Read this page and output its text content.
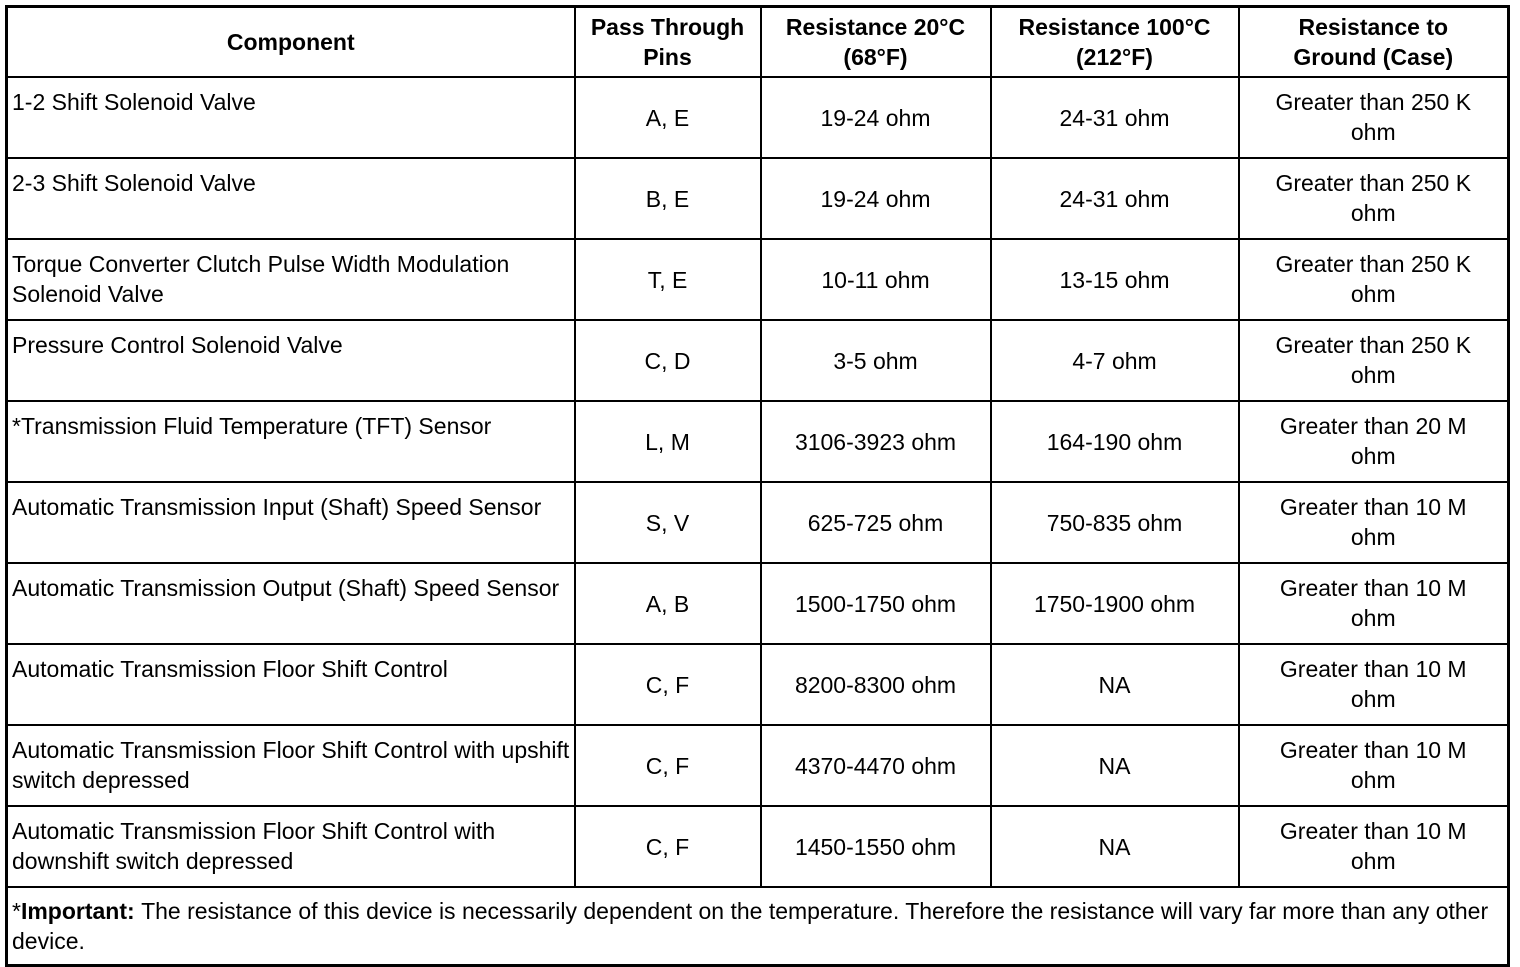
Component	Pass Through Pins	Resistance 20°C (68°F)	Resistance 100°C (212°F)	Resistance to Ground (Case)
1-2 Shift Solenoid Valve	A, E	19-24 ohm	24-31 ohm	Greater than 250 K ohm
2-3 Shift Solenoid Valve	B, E	19-24 ohm	24-31 ohm	Greater than 250 K ohm
Torque Converter Clutch Pulse Width Modulation Solenoid Valve	T, E	10-11 ohm	13-15 ohm	Greater than 250 K ohm
Pressure Control Solenoid Valve	C, D	3-5 ohm	4-7 ohm	Greater than 250 K ohm
*Transmission Fluid Temperature (TFT) Sensor	L, M	3106-3923 ohm	164-190 ohm	Greater than 20 M ohm
Automatic Transmission Input (Shaft) Speed Sensor	S, V	625-725 ohm	750-835 ohm	Greater than 10 M ohm
Automatic Transmission Output (Shaft) Speed Sensor	A, B	1500-1750 ohm	1750-1900 ohm	Greater than 10 M ohm
Automatic Transmission Floor Shift Control	C, F	8200-8300 ohm	NA	Greater than 10 M ohm
Automatic Transmission Floor Shift Control with upshift switch depressed	C, F	4370-4470 ohm	NA	Greater than 10 M ohm
Automatic Transmission Floor Shift Control with downshift switch depressed	C, F	1450-1550 ohm	NA	Greater than 10 M ohm
*Important: The resistance of this device is necessarily dependent on the temperature. Therefore the resistance will vary far more than any other device.				
